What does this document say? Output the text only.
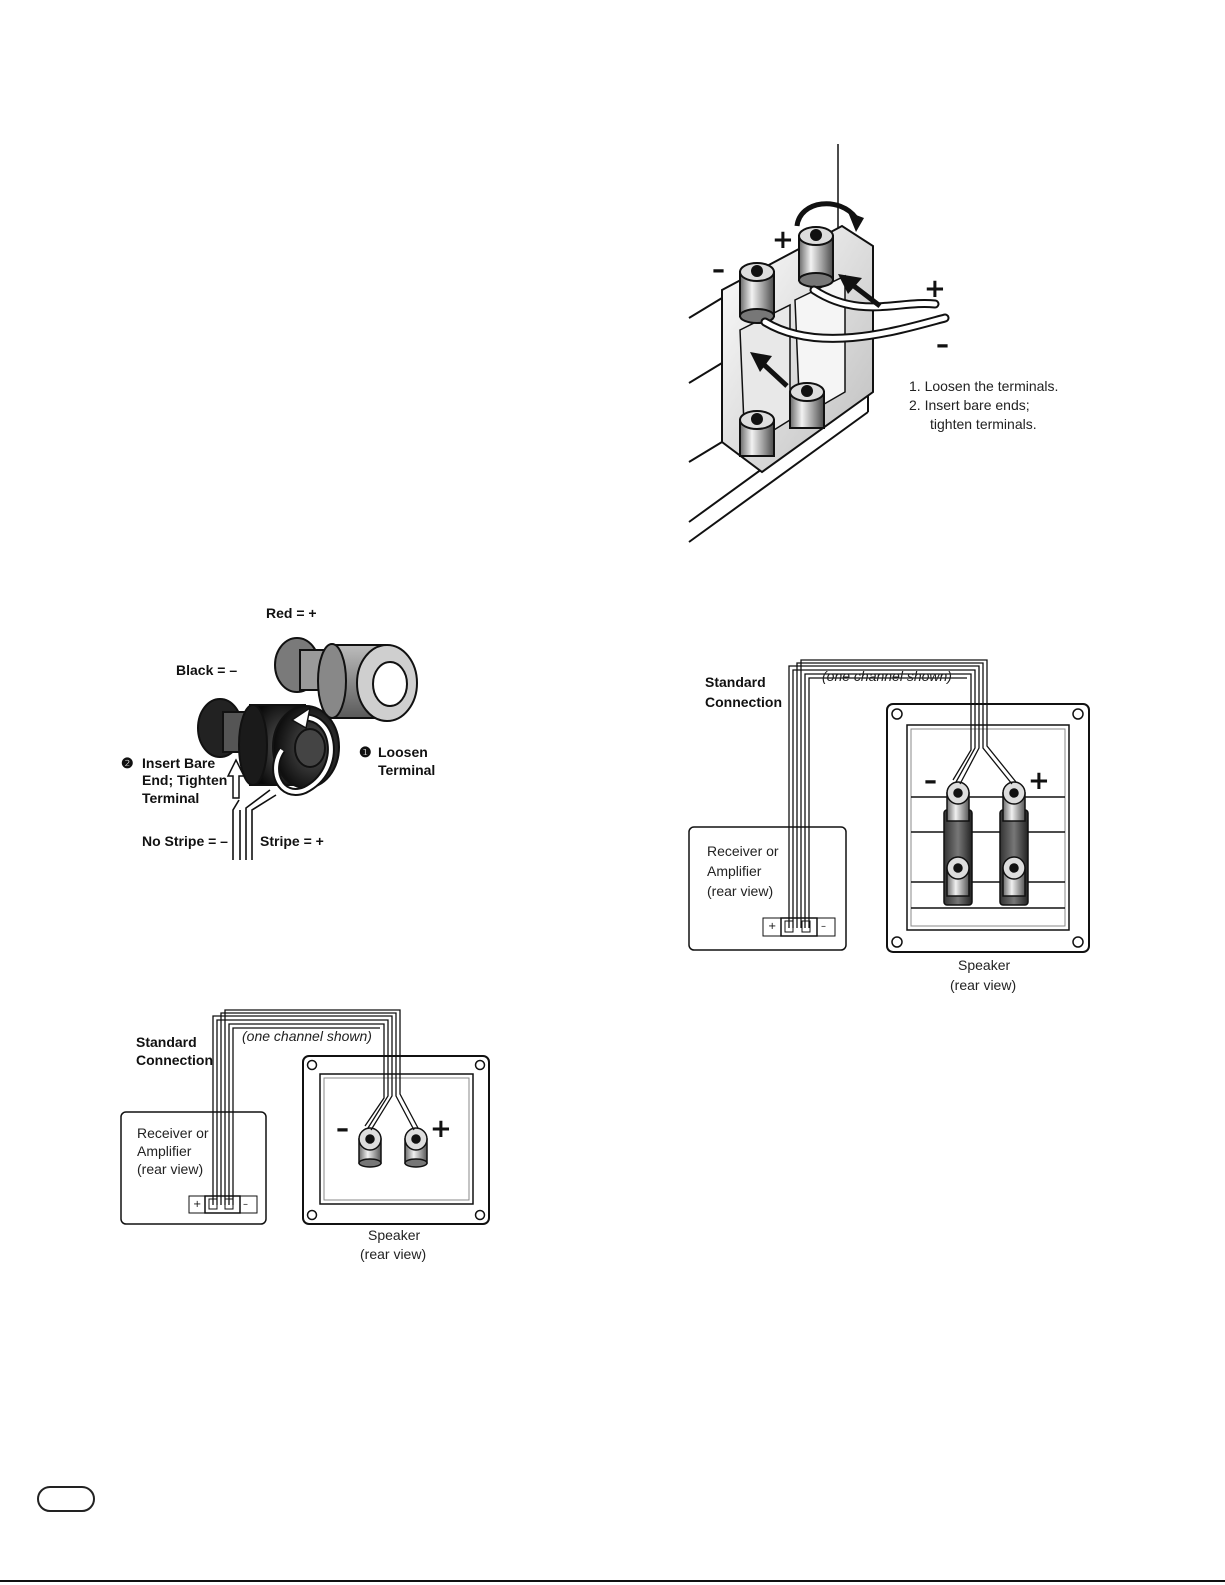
+
–
+
–
1. Loosen the terminals.
2. Insert bare ends;
tighten terminals.
Red = +
Black = –
❶ Loosen
Terminal
❷ Insert Bare
End; Tighten
Terminal
No Stripe = – Stripe = +
Standard
Connection
(one channel shown)
Receiver or
Amplifier
(rear view)
+	–
–	+
Speaker
(rear view)
Standard
Connection
(one channel shown)
Receiver or
Amplifier
(rear view)
+	–
–	+
Speaker
(rear view)
